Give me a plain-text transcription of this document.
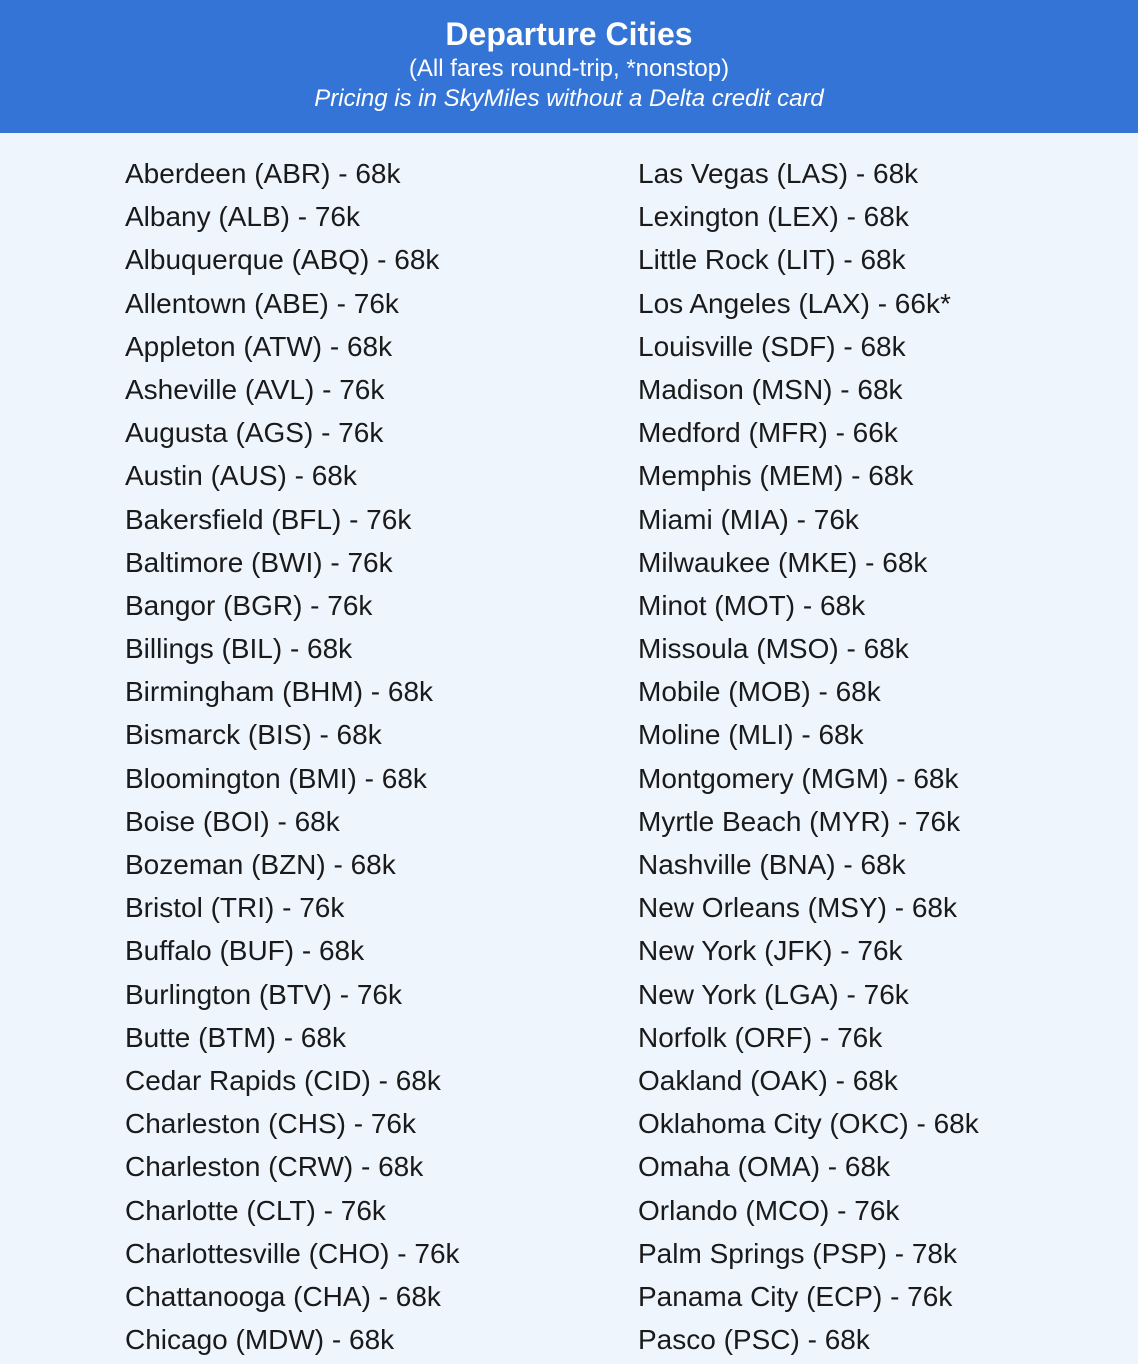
Departure Cities
(All fares round-trip, *nonstop)
Pricing is in SkyMiles without a Delta credit card
Aberdeen (ABR) - 68k
Albany (ALB) - 76k
Albuquerque (ABQ) - 68k
Allentown (ABE) - 76k
Appleton (ATW) - 68k
Asheville (AVL) - 76k
Augusta (AGS) - 76k
Austin (AUS) - 68k
Bakersfield (BFL) - 76k
Baltimore (BWI) - 76k
Bangor (BGR) - 76k
Billings (BIL) - 68k
Birmingham (BHM) - 68k
Bismarck (BIS) - 68k
Bloomington (BMI) - 68k
Boise (BOI) - 68k
Bozeman (BZN) - 68k
Bristol (TRI) - 76k
Buffalo (BUF) - 68k
Burlington (BTV) - 76k
Butte (BTM) - 68k
Cedar Rapids (CID) - 68k
Charleston (CHS) - 76k
Charleston (CRW) - 68k
Charlotte (CLT) - 76k
Charlottesville (CHO) - 76k
Chattanooga (CHA) - 68k
Chicago (MDW) - 68k
Las Vegas (LAS) - 68k
Lexington (LEX) - 68k
Little Rock (LIT) - 68k
Los Angeles (LAX) - 66k*
Louisville (SDF) - 68k
Madison (MSN) - 68k
Medford (MFR) - 66k
Memphis (MEM) - 68k
Miami (MIA) - 76k
Milwaukee (MKE) - 68k
Minot (MOT) - 68k
Missoula (MSO) - 68k
Mobile (MOB) - 68k
Moline (MLI) - 68k
Montgomery (MGM) - 68k
Myrtle Beach (MYR) - 76k
Nashville (BNA) - 68k
New Orleans (MSY) - 68k
New York (JFK) - 76k
New York (LGA) - 76k
Norfolk (ORF) - 76k
Oakland (OAK) - 68k
Oklahoma City (OKC) - 68k
Omaha (OMA) - 68k
Orlando (MCO) - 76k
Palm Springs (PSP) - 78k
Panama City (ECP) - 76k
Pasco (PSC) - 68k
